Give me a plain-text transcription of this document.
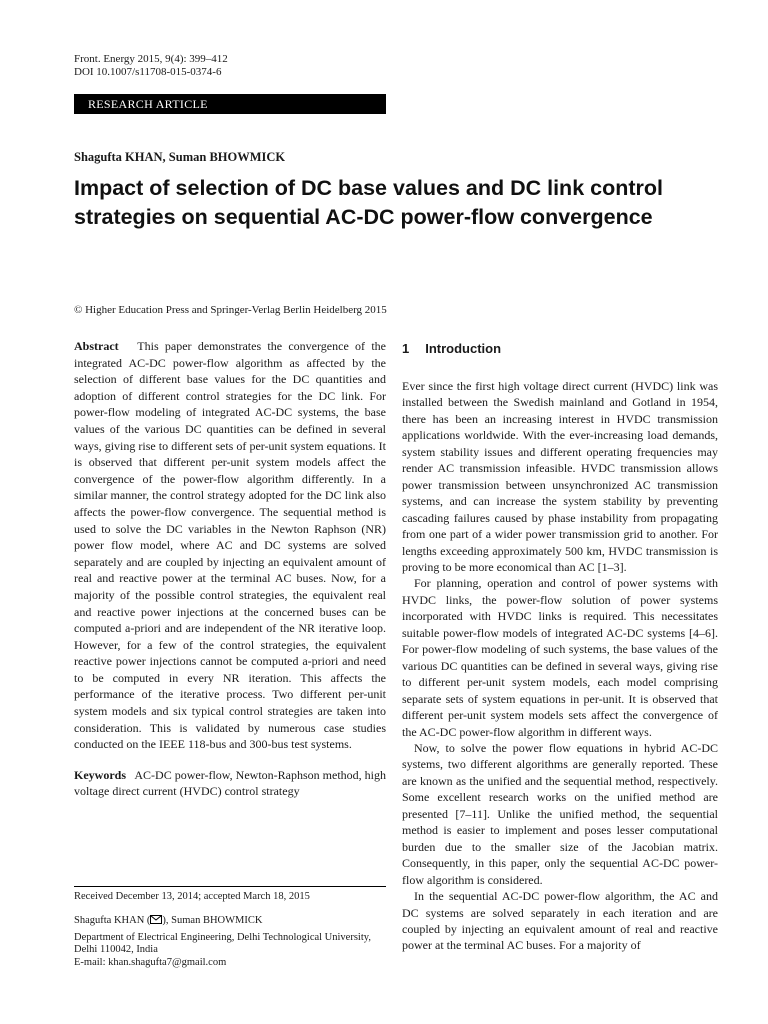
Front. Energy 2015, 9(4): 399–412
DOI 10.1007/s11708-015-0374-6
RESEARCH ARTICLE
Shagufta KHAN, Suman BHOWMICK
Impact of selection of DC base values and DC link control strategies on sequential AC-DC power-flow convergence
© Higher Education Press and Springer-Verlag Berlin Heidelberg 2015

Abstract This paper demonstrates the convergence of the integrated AC-DC power-flow algorithm as affected by the selection of different base values for the DC quantities and adoption of different control strategies for the DC link. For power-flow modeling of integrated AC-DC systems, the base values of the various DC quantities can be defined in several ways, giving rise to different sets of per-unit system equations. It is observed that different per-unit system models affect the convergence of the power-flow algorithm differently. In a similar manner, the control strategy adopted for the DC link also affects the power-flow convergence. The sequential method is used to solve the DC variables in the Newton Raphson (NR) power flow model, where AC and DC systems are solved separately and are coupled by injecting an equivalent amount of real and reactive power at the terminal AC buses. Now, for a majority of the possible control strategies, the equivalent real and reactive power injections at the concerned buses can be computed a-priori and are independent of the NR iterative loop. However, for a few of the control strategies, the equivalent reactive power injections cannot be computed a-priori and need to be computed in every NR iteration. This affects the performance of the iterative process. Two different per-unit system models and six typical control strategies are taken into consideration. This is validated by numerous case studies conducted on the IEEE 118-bus and 300-bus test systems.

Keywords AC-DC power-flow, Newton-Raphson method, high voltage direct current (HVDC) control strategy

Received December 13, 2014; accepted March 18, 2015
Shagufta KHAN ( ), Suman BHOWMICK
Department of Electrical Engineering, Delhi Technological University, Delhi 110042, India
E-mail: khan.shagufta7@gmail.com
1 Introduction

Ever since the first high voltage direct current (HVDC) link was installed between the Swedish mainland and Gotland in 1954, there has been an increasing interest in HVDC transmission applications worldwide. With the ever-increasing load demands, system stability issues and different operating frequencies may render AC transmission infeasible. HVDC transmission allows power transmission between unsynchronized AC transmission systems, and can increase the system stability by preventing cascading failures caused by phase instability from propagating from one part of a wider power transmission grid to another. For lengths exceeding approximately 500 km, HVDC transmission is proving to be more economical than AC [1–3].

For planning, operation and control of power systems with HVDC links, the power-flow solution of power systems incorporated with HVDC links is required. This necessitates suitable power-flow models of integrated AC-DC systems [4–6]. For power-flow modeling of such systems, the base values of the various DC quantities can be defined in several ways, giving rise to different per-unit system models, each model comprising separate sets of system equations in per-unit. It is observed that different per-unit system models sets affect the convergence of the AC-DC power-flow algorithm in different ways.

Now, to solve the power flow equations in hybrid AC-DC systems, two different algorithms are generally reported. These are known as the unified and the sequential method, respectively. Some excellent research works on the unified method are presented [7–11]. Unlike the unified method, the sequential method is easier to implement and poses lesser computational burden due to the smaller size of the Jacobian matrix. Consequently, in this paper, only the sequential AC-DC power-flow algorithm is considered.

In the sequential AC-DC power-flow algorithm, the AC and DC systems are solved separately in each iteration and are coupled by injecting an equivalent amount of real and reactive power at the terminal AC buses. For a majority of
